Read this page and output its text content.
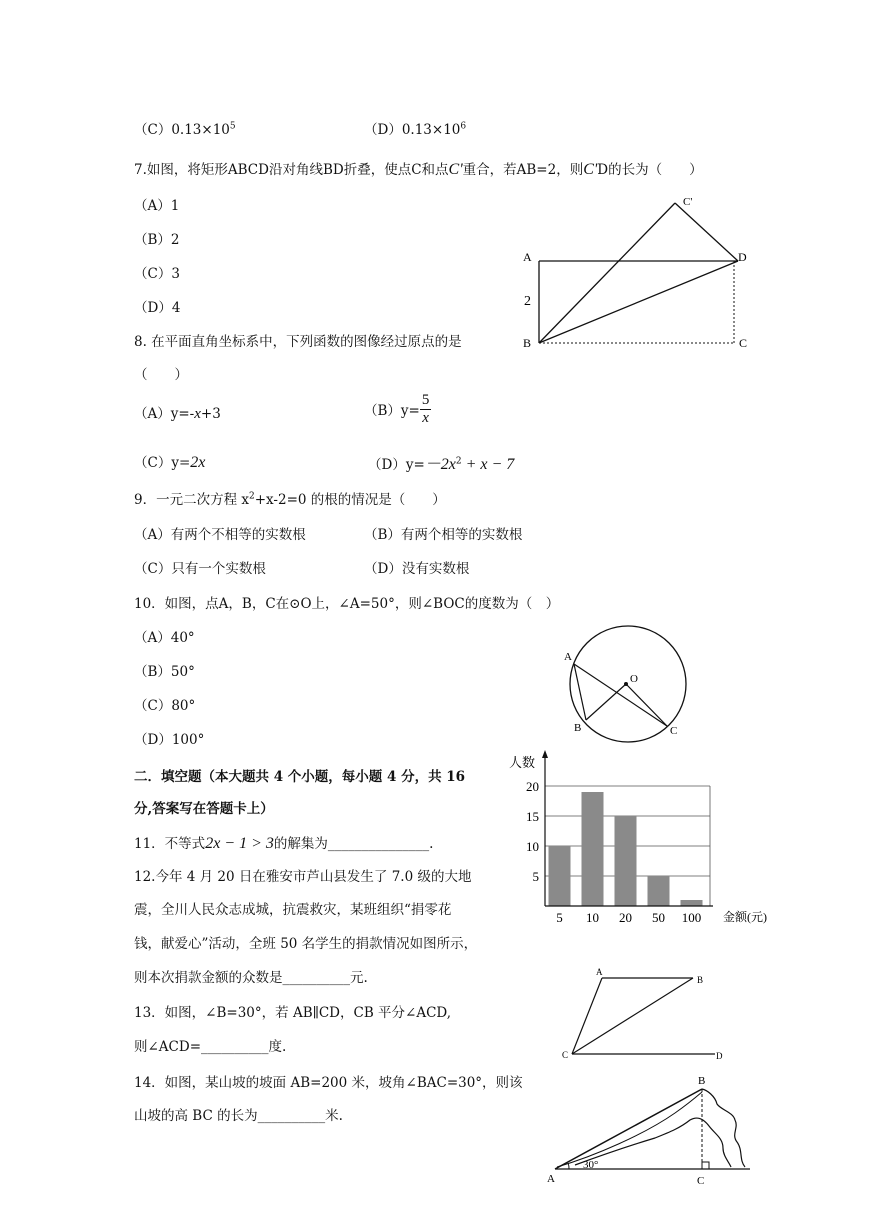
$(C)0.13\times 10^5$	$(D)0.13\times 10^6$
7.如图，将矩形ABCD沿对角线BD折叠，使点C和点C'重合，若AB=2，则C'D的长为（　　）
（A）1
（B）2
（C）3
（D）4
A
B	C
D
C'
2
8. 在平面直角坐标系中，下列函数的图像经过原点的是
（　　）
（A）y=-x+3	$(B)y= \frac{5}{x}$
（C）y=2x	$(D)y=-2x^2 + x - 7$
9．一元二次方程 $x^2+x-2=0$ 的根的情况是（　　）
（A）有两个不相等的实数根	（B）有两个相等的实数根
（C）只有一个实数根	（D）没有实数根
10．如图，点A，B，C在⊙O上，∠A=50°，则∠BOC的度数为（　）
（A）40°
（B）50°
（C）80°
（D）100°
A
B	C
O
二．填空题（本大题共 4 个小题，每小题 4 分，共 16
分,答案写在答题卡上）
11．不等式2x − 1 > 3的解集为_______________.
12.今年 4 月 20 日在雅安市芦山县发生了 7.0 级的大地
震，全川人民众志成城，抗震救灾，某班组织“捐零花
钱，献爱心”活动，全班 50 名学生的捐款情况如图所示，
则本次捐款金额的众数是__________元.
5
10
15
20
5 10 20 50 100
人数
金额(元)
13．如图，∠B=30°，若 AB∥CD，CB 平分∠ACD,
则∠ACD=__________度.
A
B
C	D
14．如图，某山坡的坡面 AB=200 米，坡角∠BAC=30°，则该
山坡的高 BC 的长为__________米.
A
B
C
30°
